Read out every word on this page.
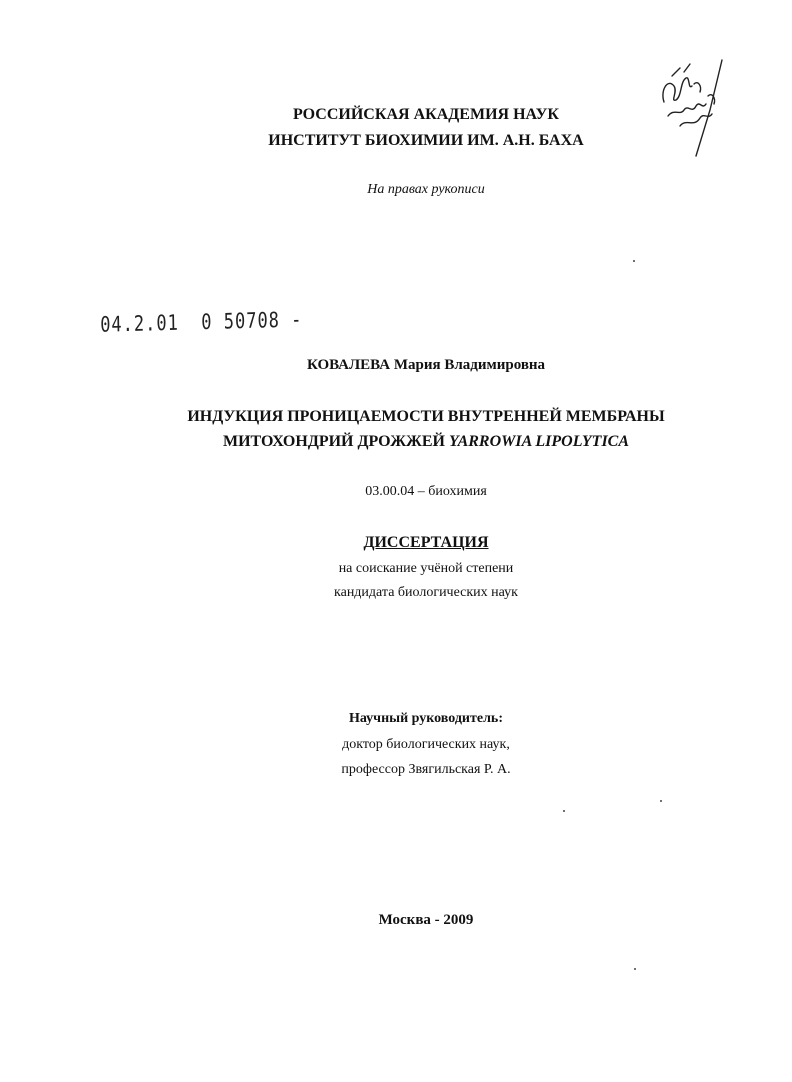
РОССИЙСКАЯ АКАДЕМИЯ НАУК
ИНСТИТУТ БИОХИМИИ ИМ. А.Н. БАХА
На правах рукописи
04.2.01  0 50708 -
КОВАЛЕВА Мария Владимировна
ИНДУКЦИЯ ПРОНИЦАЕМОСТИ ВНУТРЕННЕЙ МЕМБРАНЫ
МИТОХОНДРИЙ ДРОЖЖЕЙ YARROWIA LIPOLYTICA
03.00.04 – биохимия
ДИССЕРТАЦИЯ
на соискание учёной степени
кандидата биологических наук
Научный руководитель:
доктор биологических наук,
профессор Звягильская Р. А.
Москва - 2009
